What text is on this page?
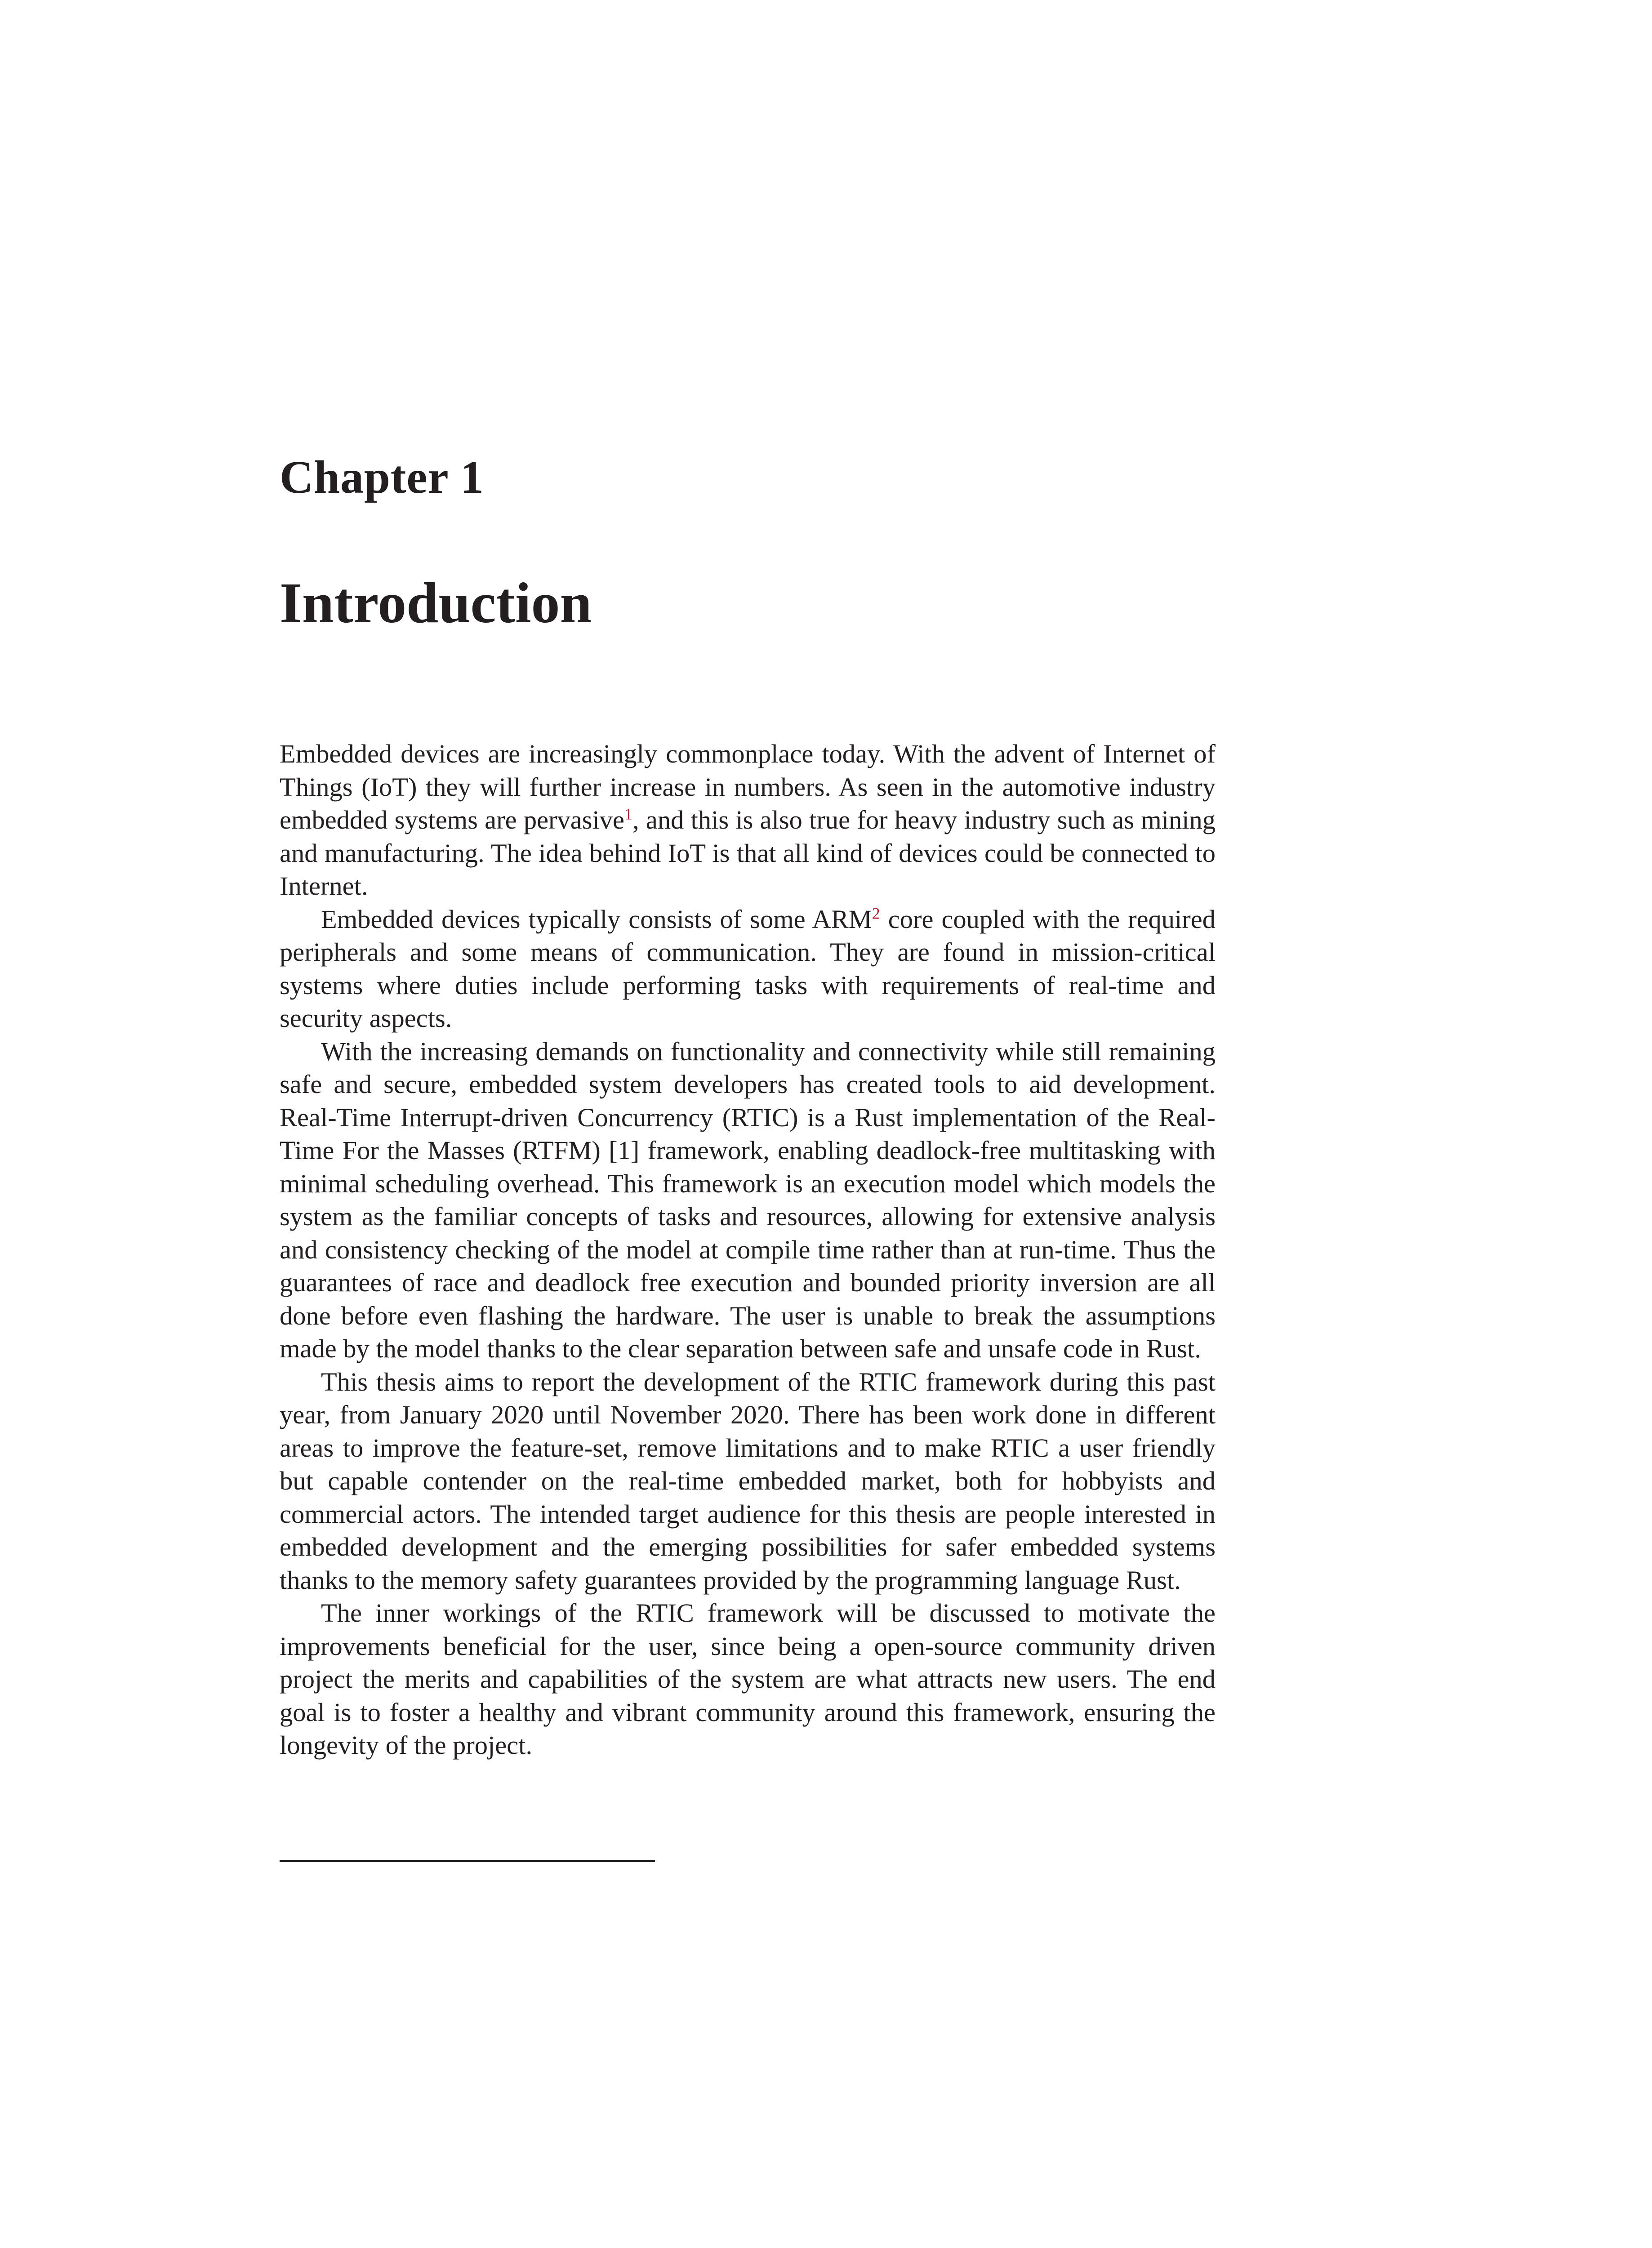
Chapter 1
Introduction

Embedded devices are increasingly commonplace today. With the advent of Internet of Things (IoT) they will further increase in numbers. As seen in the automotive industry embedded systems are pervasive$^1$, and this is also true for heavy industry such as mining and manufacturing. The idea behind IoT is that all kind of devices could be connected to Internet.

Embedded devices typically consists of some ARM$^2$ core coupled with the required peripherals and some means of communication. They are found in mission-critical systems where duties include performing tasks with requirements of real-time and security aspects.

With the increasing demands on functionality and connectivity while still remaining safe and secure, embedded system developers has created tools to aid development. Real-Time Interrupt-driven Concurrency (RTIC) is a Rust implementation of the Real-Time For the Masses (RTFM) [1] framework, enabling deadlock-free multitasking with minimal scheduling overhead. This framework is an execution model which models the system as the familiar concepts of tasks and resources, allowing for extensive analysis and consistency checking of the model at compile time rather than at run-time. Thus the guarantees of race and deadlock free execution and bounded priority inversion are all done before even flashing the hardware. The user is unable to break the assumptions made by the model thanks to the clear separation between safe and unsafe code in Rust.

This thesis aims to report the development of the RTIC framework during this past year, from January 2020 until November 2020. There has been work done in different areas to improve the feature-set, remove limitations and to make RTIC a user friendly but capable contender on the real-time embedded market, both for hobbyists and commercial actors. The intended target audience for this thesis are people interested in embedded development and the emerging possibilities for safer embedded systems thanks to the memory safety guarantees provided by the programming language Rust.

The inner workings of the RTIC framework will be discussed to motivate the improvements beneficial for the user, since being a open-source community driven project the merits and capabilities of the system are what attracts new users. The end goal is to foster a healthy and vibrant community around this framework, ensuring the longevity of the project.
